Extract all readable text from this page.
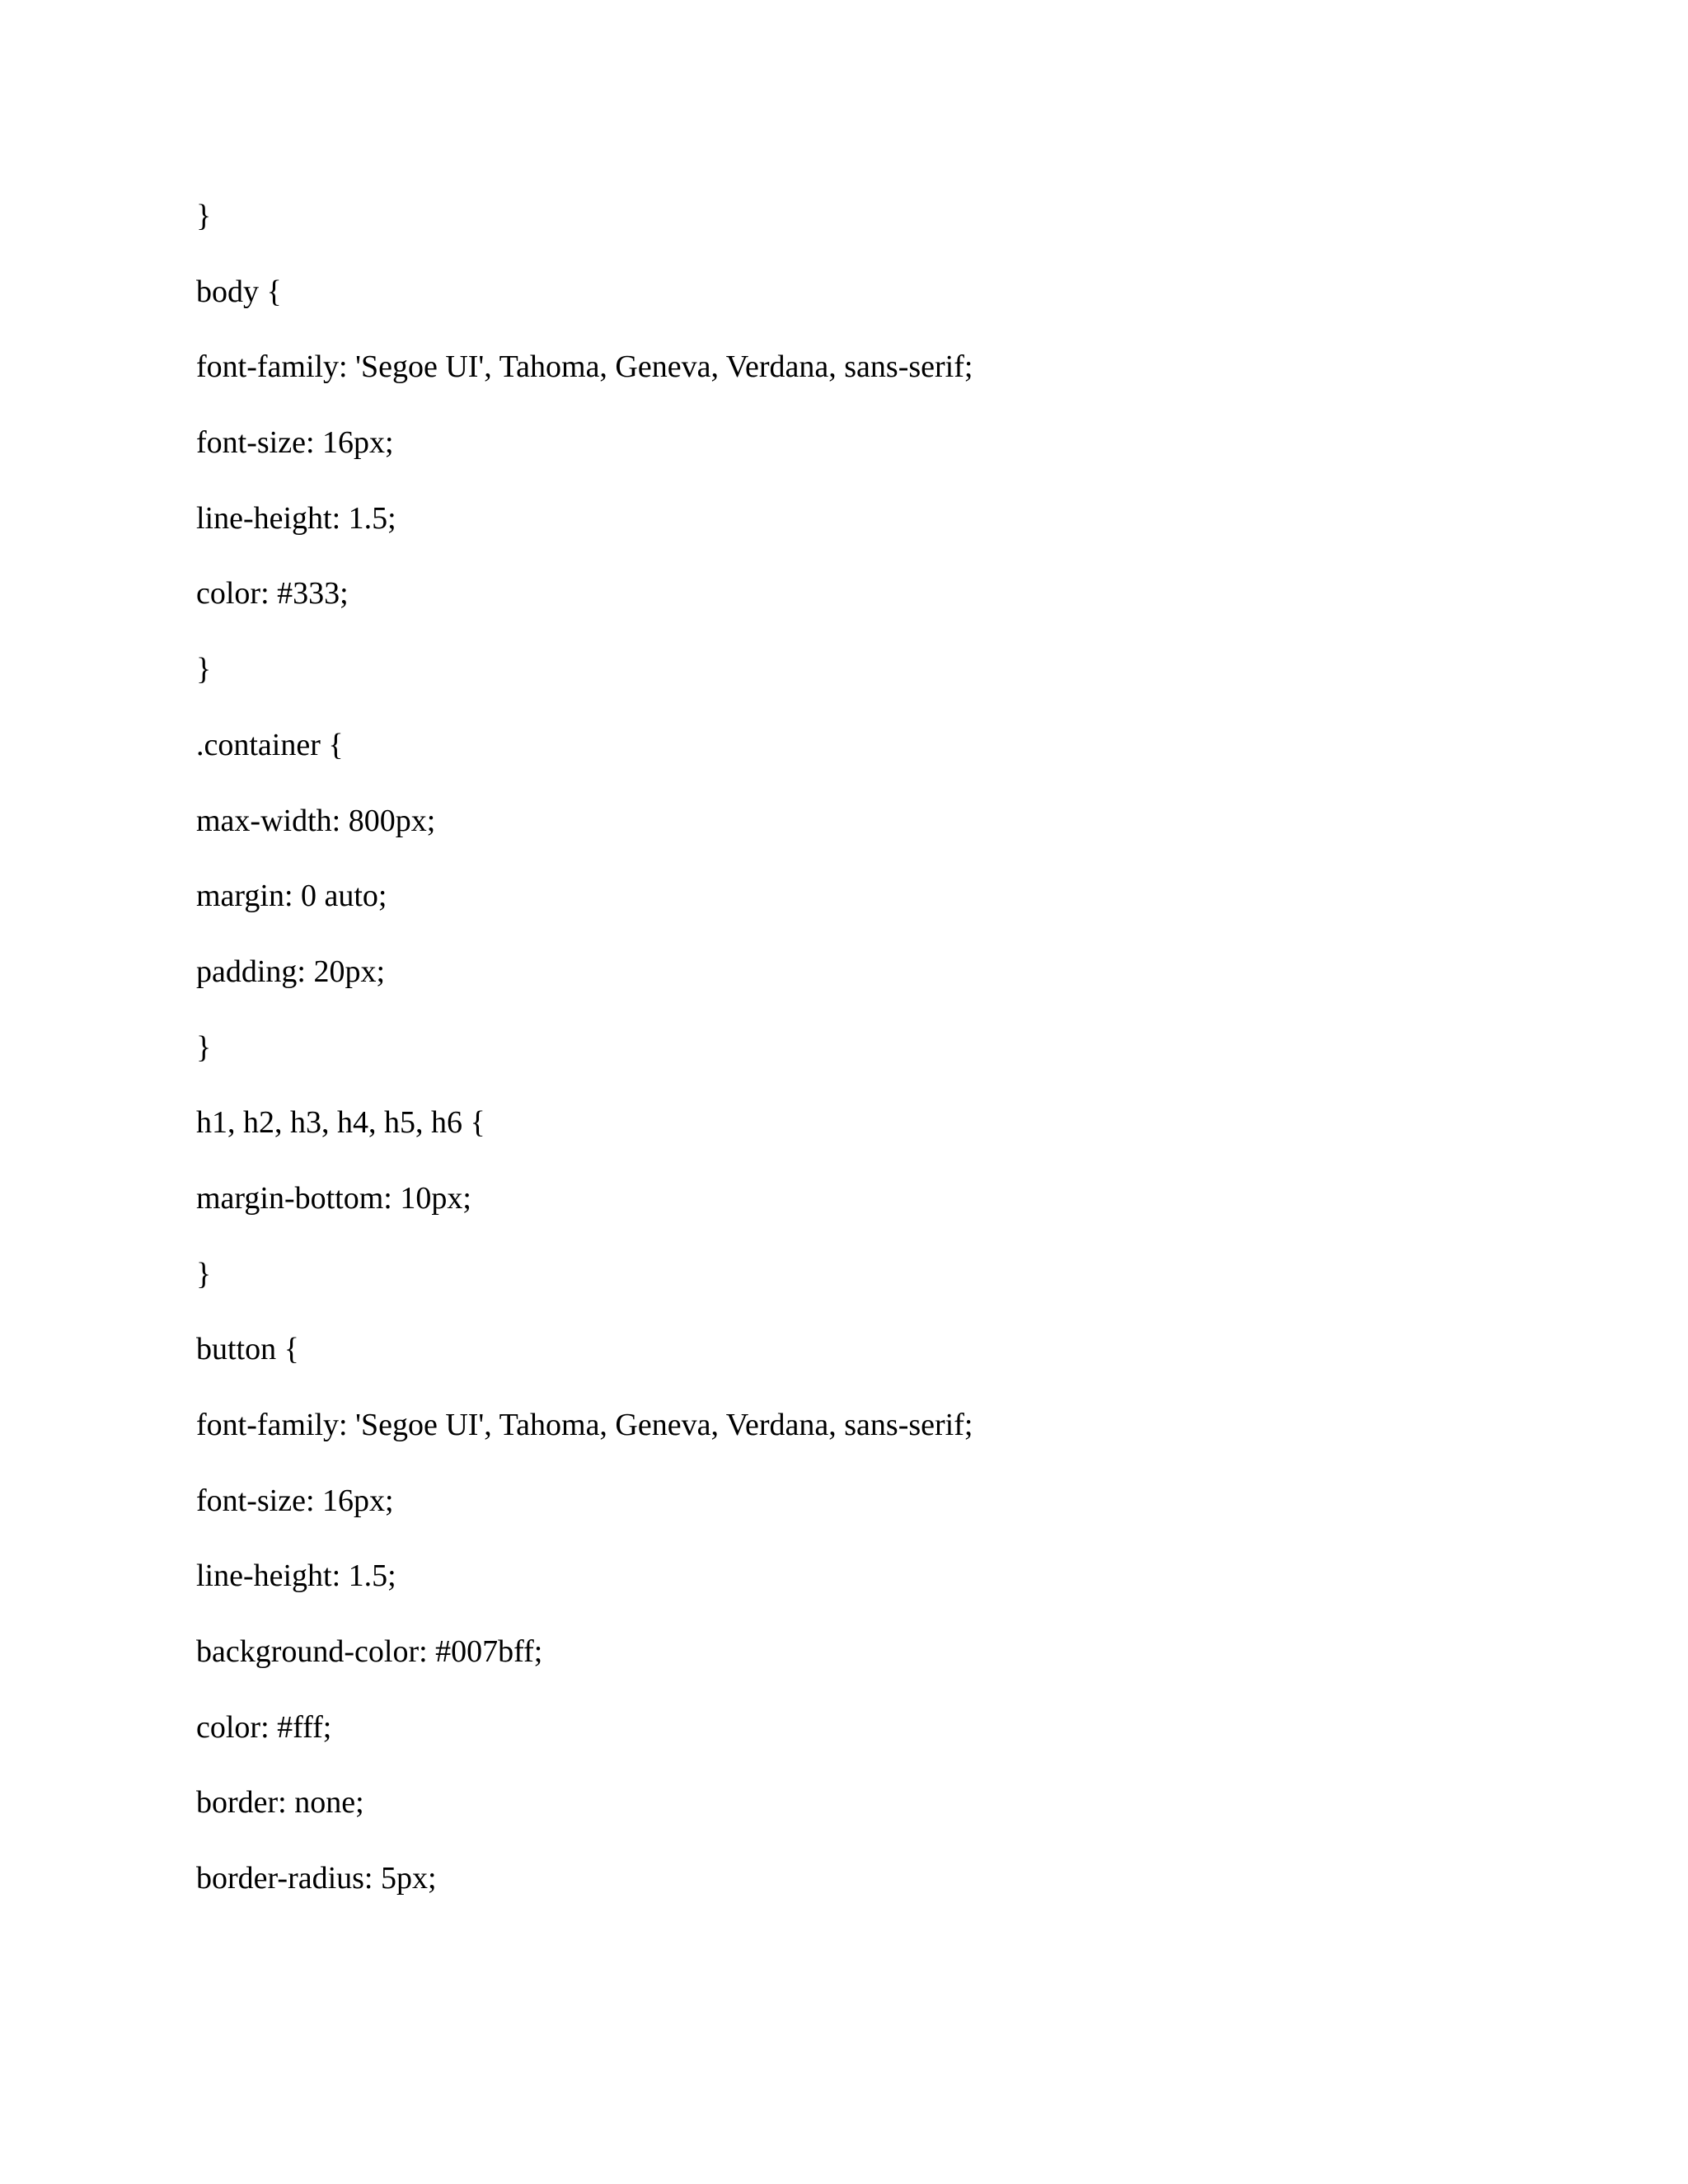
}
body {
font-family: 'Segoe UI', Tahoma, Geneva, Verdana, sans-serif;
font-size: 16px;
line-height: 1.5;
color: #333;
}
.container {
max-width: 800px;
margin: 0 auto;
padding: 20px;
}
h1, h2, h3, h4, h5, h6 {
margin-bottom: 10px;
}
button {
font-family: 'Segoe UI', Tahoma, Geneva, Verdana, sans-serif;
font-size: 16px;
line-height: 1.5;
background-color: #007bff;
color: #fff;
border: none;
border-radius: 5px;
